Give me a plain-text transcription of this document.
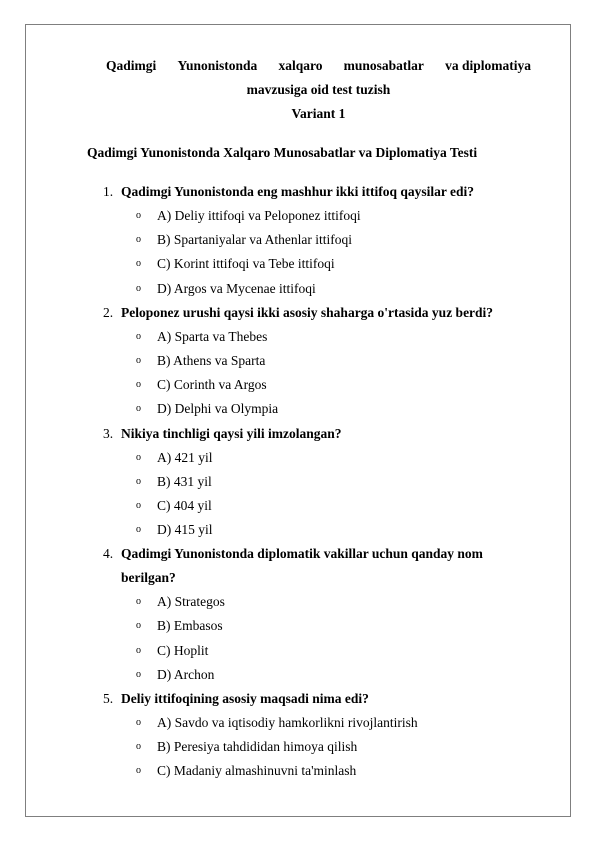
Qadimgi Yunonistonda xalqaro munosabatlar va diplomatiya
mavzusiga oid test tuzish
Variant 1
Qadimgi Yunonistonda Xalqaro Munosabatlar va Diplomatiya Testi
1. Qadimgi Yunonistonda eng mashhur ikki ittifoq qaysilar edi?
o A) Deliy ittifoqi va Peloponez ittifoqi
o B) Spartaniyalar va Athenlar ittifoqi
o C) Korint ittifoqi va Tebe ittifoqi
o D) Argos va Mycenae ittifoqi
2. Peloponez urushi qaysi ikki asosiy shaharga o'rtasida yuz berdi?
o A) Sparta va Thebes
o B) Athens va Sparta
o C) Corinth va Argos
o D) Delphi va Olympia
3. Nikiya tinchligi qaysi yili imzolangan?
o A) 421 yil
o B) 431 yil
o C) 404 yil
o D) 415 yil
4. Qadimgi Yunonistonda diplomatik vakillar uchun qanday nom berilgan?
o A) Strategos
o B) Embasos
o C) Hoplit
o D) Archon
5. Deliy ittifoqining asosiy maqsadi nima edi?
o A) Savdo va iqtisodiy hamkorlikni rivojlantirish
o B) Peresiya tahdididan himoya qilish
o C) Madaniy almashinuvni ta'minlash
